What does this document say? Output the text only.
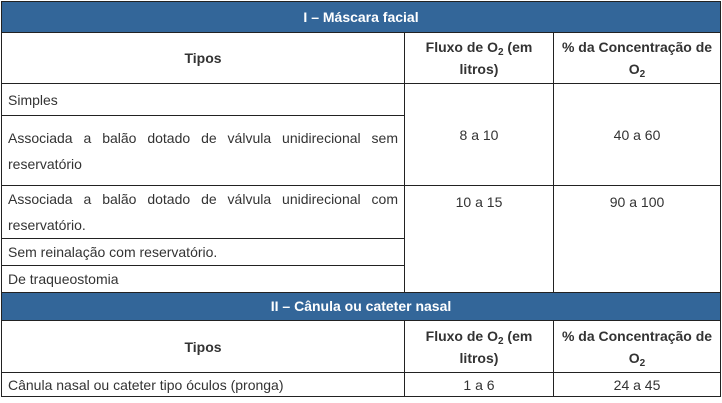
I – Máscara facial		
Tipos	Fluxo de $O_2$ (em litros)	% da Concentração de $O_2$
Simples	8 a 10	40 a 60
Associada a balão dotado de válvula unidirecional sem reservatório		
Associada a balão dotado de válvula unidirecional com reservatório.	10 a 15	90 a 100
Sem reinalação com reservatório.		
De traqueostomia		
II – Cânula ou cateter nasal		
Tipos	Fluxo de $O_2$ (em litros)	% da Concentração de $O_2$
Cânula nasal ou cateter tipo óculos (pronga)	1 a 6	24 a 45
